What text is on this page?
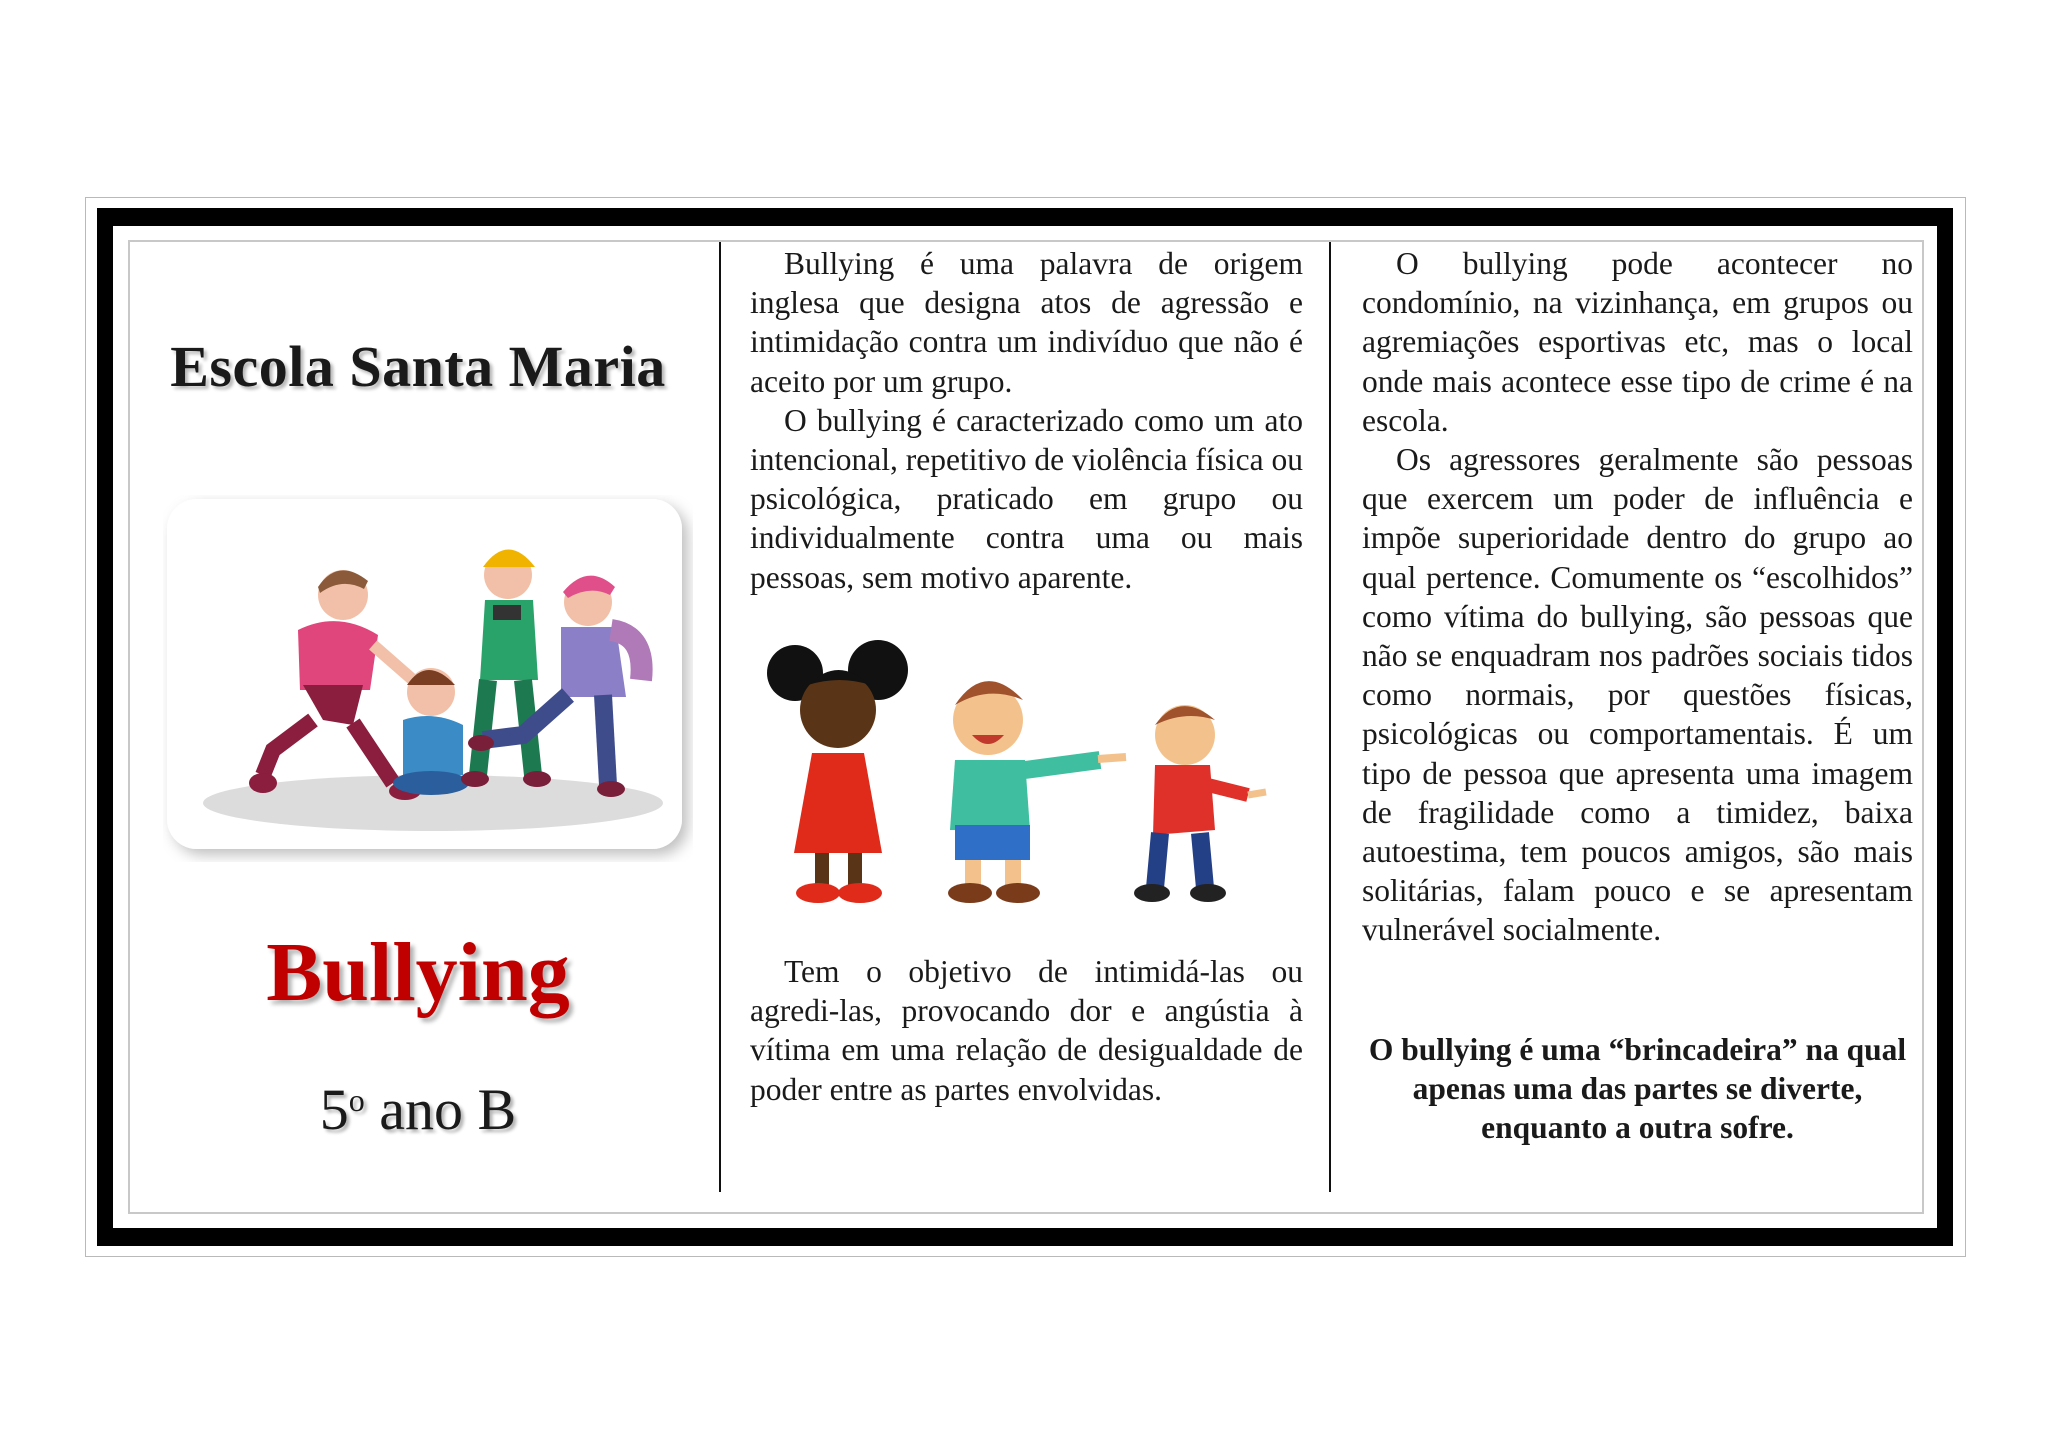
Escola Santa Maria
Bullying
5$^o$ ano B

Bullying é uma palavra de origem inglesa que designa atos de agressão e intimidação contra um indivíduo que não é aceito por um grupo.

O bullying é caracterizado como um ato intencional, repetitivo de violência física ou psicológica, praticado em grupo ou individualmente contra uma ou mais pessoas, sem motivo aparente.

Tem o objetivo de intimidá-las ou agredi-las, provocando dor e angústia à vítima em uma relação de desigualdade de poder entre as partes envolvidas.

O bullying pode acontecer no condomínio, na vizinhança, em grupos ou agremiações esportivas etc, mas o local onde mais acontece esse tipo de crime é na escola.

Os agressores geralmente são pessoas que exercem um poder de influência e impõe superioridade dentro do grupo ao qual pertence. Comumente os “escolhidos” como vítima do bullying, são pessoas que não se enquadram nos padrões sociais tidos como normais, por questões físicas, psicológicas ou comportamentais. É um tipo de pessoa que apresenta uma imagem de fragilidade como a timidez, baixa autoestima, tem poucos amigos, são mais solitárias, falam pouco e se apresentam vulnerável socialmente.

O bullying é uma “brincadeira” na qual apenas uma das partes se diverte, enquanto a outra sofre.
